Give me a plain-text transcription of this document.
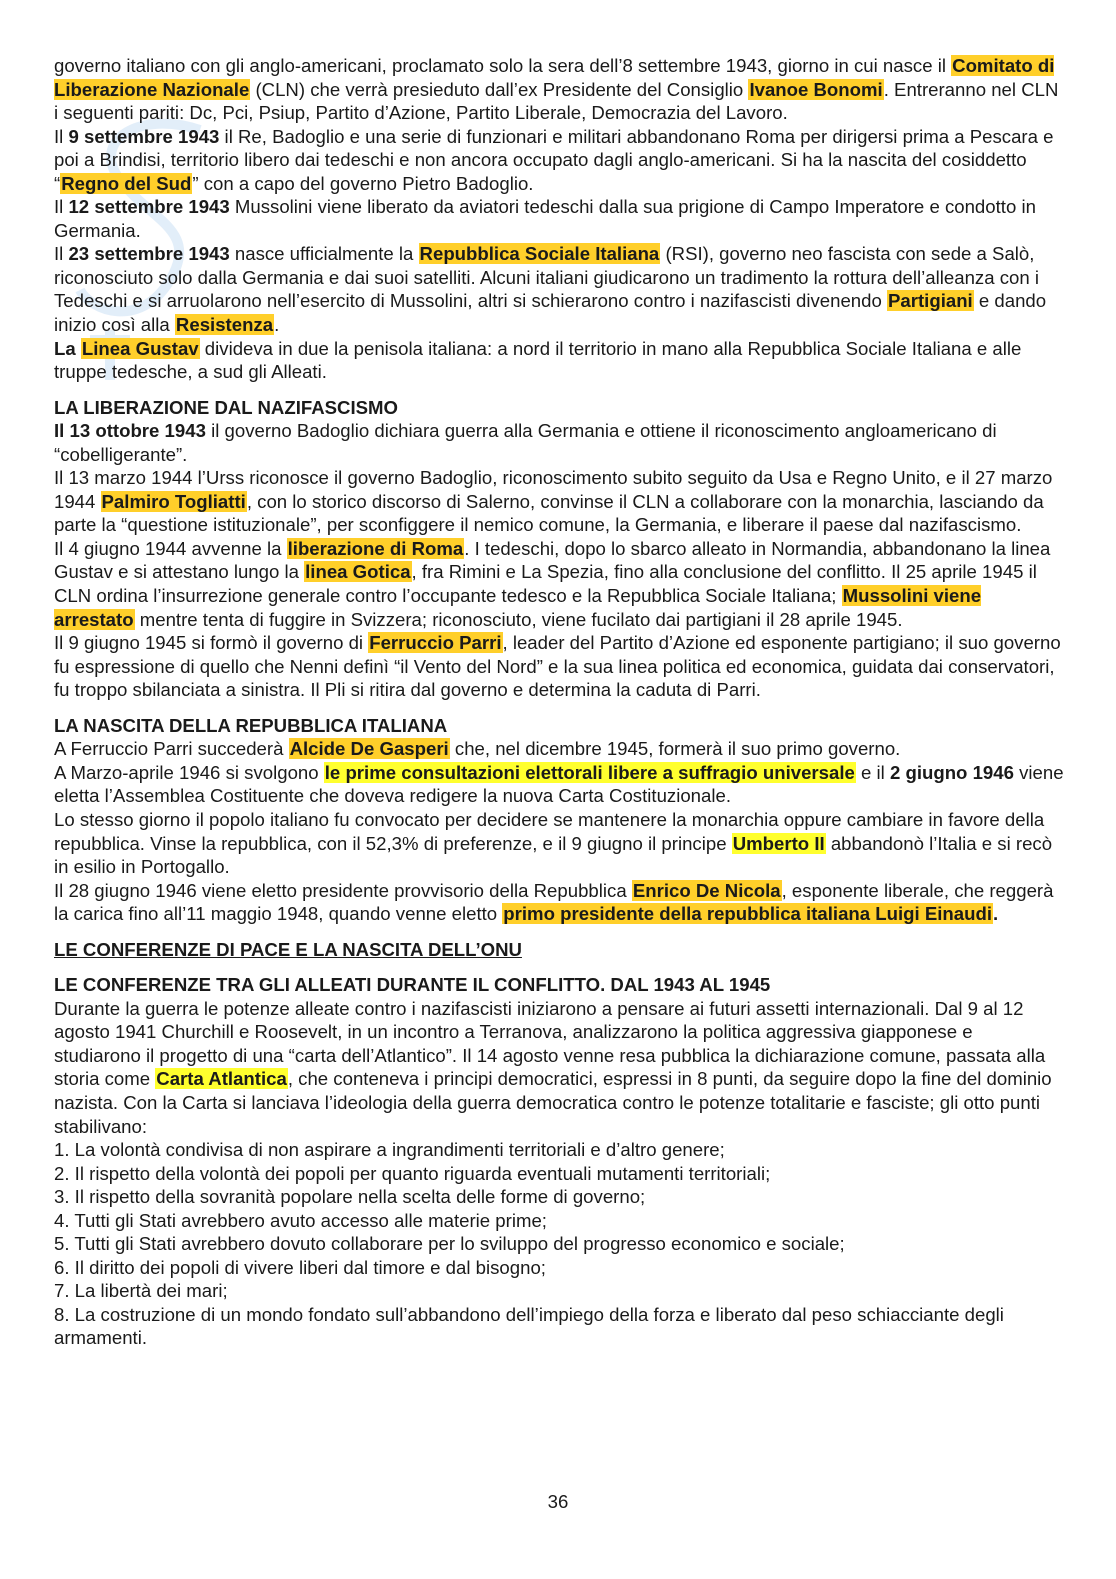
governo italiano con gli anglo-americani, proclamato solo la sera dell’8 settembre 1943, giorno in cui nasce il Comitato di Liberazione Nazionale (CLN) che verrà presieduto dall’ex Presidente del Consiglio Ivanoe Bonomi. Entreranno nel CLN i seguenti pariti: Dc, Pci, Psiup, Partito d’Azione, Partito Liberale, Democrazia del Lavoro.
Il 9 settembre 1943 il Re, Badoglio e una serie di funzionari e militari abbandonano Roma per dirigersi prima a Pescara e poi a Brindisi, territorio libero dai tedeschi e non ancora occupato dagli anglo-americani. Si ha la nascita del cosiddetto “Regno del Sud” con a capo del governo Pietro Badoglio.
Il 12 settembre 1943 Mussolini viene liberato da aviatori tedeschi dalla sua prigione di Campo Imperatore e condotto in Germania.
Il 23 settembre 1943 nasce ufficialmente la Repubblica Sociale Italiana (RSI), governo neo fascista con sede a Salò, riconosciuto solo dalla Germania e dai suoi satelliti. Alcuni italiani giudicarono un tradimento la rottura dell’alleanza con i Tedeschi e si arruolarono nell’esercito di Mussolini, altri si schierarono contro i nazifascisti divenendo Partigiani e dando inizio così alla Resistenza.
La Linea Gustav divideva in due la penisola italiana: a nord il territorio in mano alla Repubblica Sociale Italiana e alle truppe tedesche, a sud gli Alleati.
LA LIBERAZIONE DAL NAZIFASCISMO
Il 13 ottobre 1943 il governo Badoglio dichiara guerra alla Germania e ottiene il riconoscimento angloamericano di “cobelligerante”.
Il 13 marzo 1944 l’Urss riconosce il governo Badoglio, riconoscimento subito seguito da Usa e Regno Unito, e il 27 marzo 1944 Palmiro Togliatti, con lo storico discorso di Salerno, convinse il CLN a collaborare con la monarchia, lasciando da parte la “questione istituzionale”, per sconfiggere il nemico comune, la Germania, e liberare il paese dal nazifascismo.
Il 4 giugno 1944 avvenne la liberazione di Roma. I tedeschi, dopo lo sbarco alleato in Normandia, abbandonano la linea Gustav e si attestano lungo la linea Gotica, fra Rimini e La Spezia, fino alla conclusione del conflitto. Il 25 aprile 1945 il CLN ordina l’insurrezione generale contro l’occupante tedesco e la Repubblica Sociale Italiana; Mussolini viene arrestato mentre tenta di fuggire in Svizzera; riconosciuto, viene fucilato dai partigiani il 28 aprile 1945.
Il 9 giugno 1945 si formò il governo di Ferruccio Parri, leader del Partito d’Azione ed esponente partigiano; il suo governo fu espressione di quello che Nenni definì “il Vento del Nord” e la sua linea politica ed economica, guidata dai conservatori, fu troppo sbilanciata a sinistra. Il Pli si ritira dal governo e determina la caduta di Parri.
LA NASCITA DELLA REPUBBLICA ITALIANA
A Ferruccio Parri succederà Alcide De Gasperi che, nel dicembre 1945, formerà il suo primo governo.
A Marzo-aprile 1946 si svolgono le prime consultazioni elettorali libere a suffragio universale e il 2 giugno 1946 viene eletta l’Assemblea Costituente che doveva redigere la nuova Carta Costituzionale.
Lo stesso giorno il popolo italiano fu convocato per decidere se mantenere la monarchia oppure cambiare in favore della repubblica. Vinse la repubblica, con il 52,3% di preferenze, e il 9 giugno il principe Umberto II abbandonò l’Italia e si recò in esilio in Portogallo.
Il 28 giugno 1946 viene eletto presidente provvisorio della Repubblica Enrico De Nicola, esponente liberale, che reggerà la carica fino all’11 maggio 1948, quando venne eletto primo presidente della repubblica italiana Luigi Einaudi.
LE CONFERENZE DI PACE E LA NASCITA DELL’ONU
LE CONFERENZE TRA GLI ALLEATI DURANTE IL CONFLITTO. DAL 1943 AL 1945
Durante la guerra le potenze alleate contro i nazifascisti iniziarono a pensare ai futuri assetti internazionali. Dal 9 al 12 agosto 1941 Churchill e Roosevelt, in un incontro a Terranova, analizzarono la politica aggressiva giapponese e studiarono il progetto di una “carta dell’Atlantico”. Il 14 agosto venne resa pubblica la dichiarazione comune, passata alla storia come Carta Atlantica, che conteneva i principi democratici, espressi in 8 punti, da seguire dopo la fine del dominio nazista. Con la Carta si lanciava l’ideologia della guerra democratica contro le potenze totalitarie e fasciste; gli otto punti stabilivano:
1. La volontà condivisa di non aspirare a ingrandimenti territoriali e d’altro genere;
2. Il rispetto della volontà dei popoli per quanto riguarda eventuali mutamenti territoriali;
3. Il rispetto della sovranità popolare nella scelta delle forme di governo;
4. Tutti gli Stati avrebbero avuto accesso alle materie prime;
5. Tutti gli Stati avrebbero dovuto collaborare per lo sviluppo del progresso economico e sociale;
6. Il diritto dei popoli di vivere liberi dal timore e dal bisogno;
7. La libertà dei mari;
8. La costruzione di un mondo fondato sull’abbandono dell’impiego della forza e liberato dal peso schiacciante degli armamenti.
36
